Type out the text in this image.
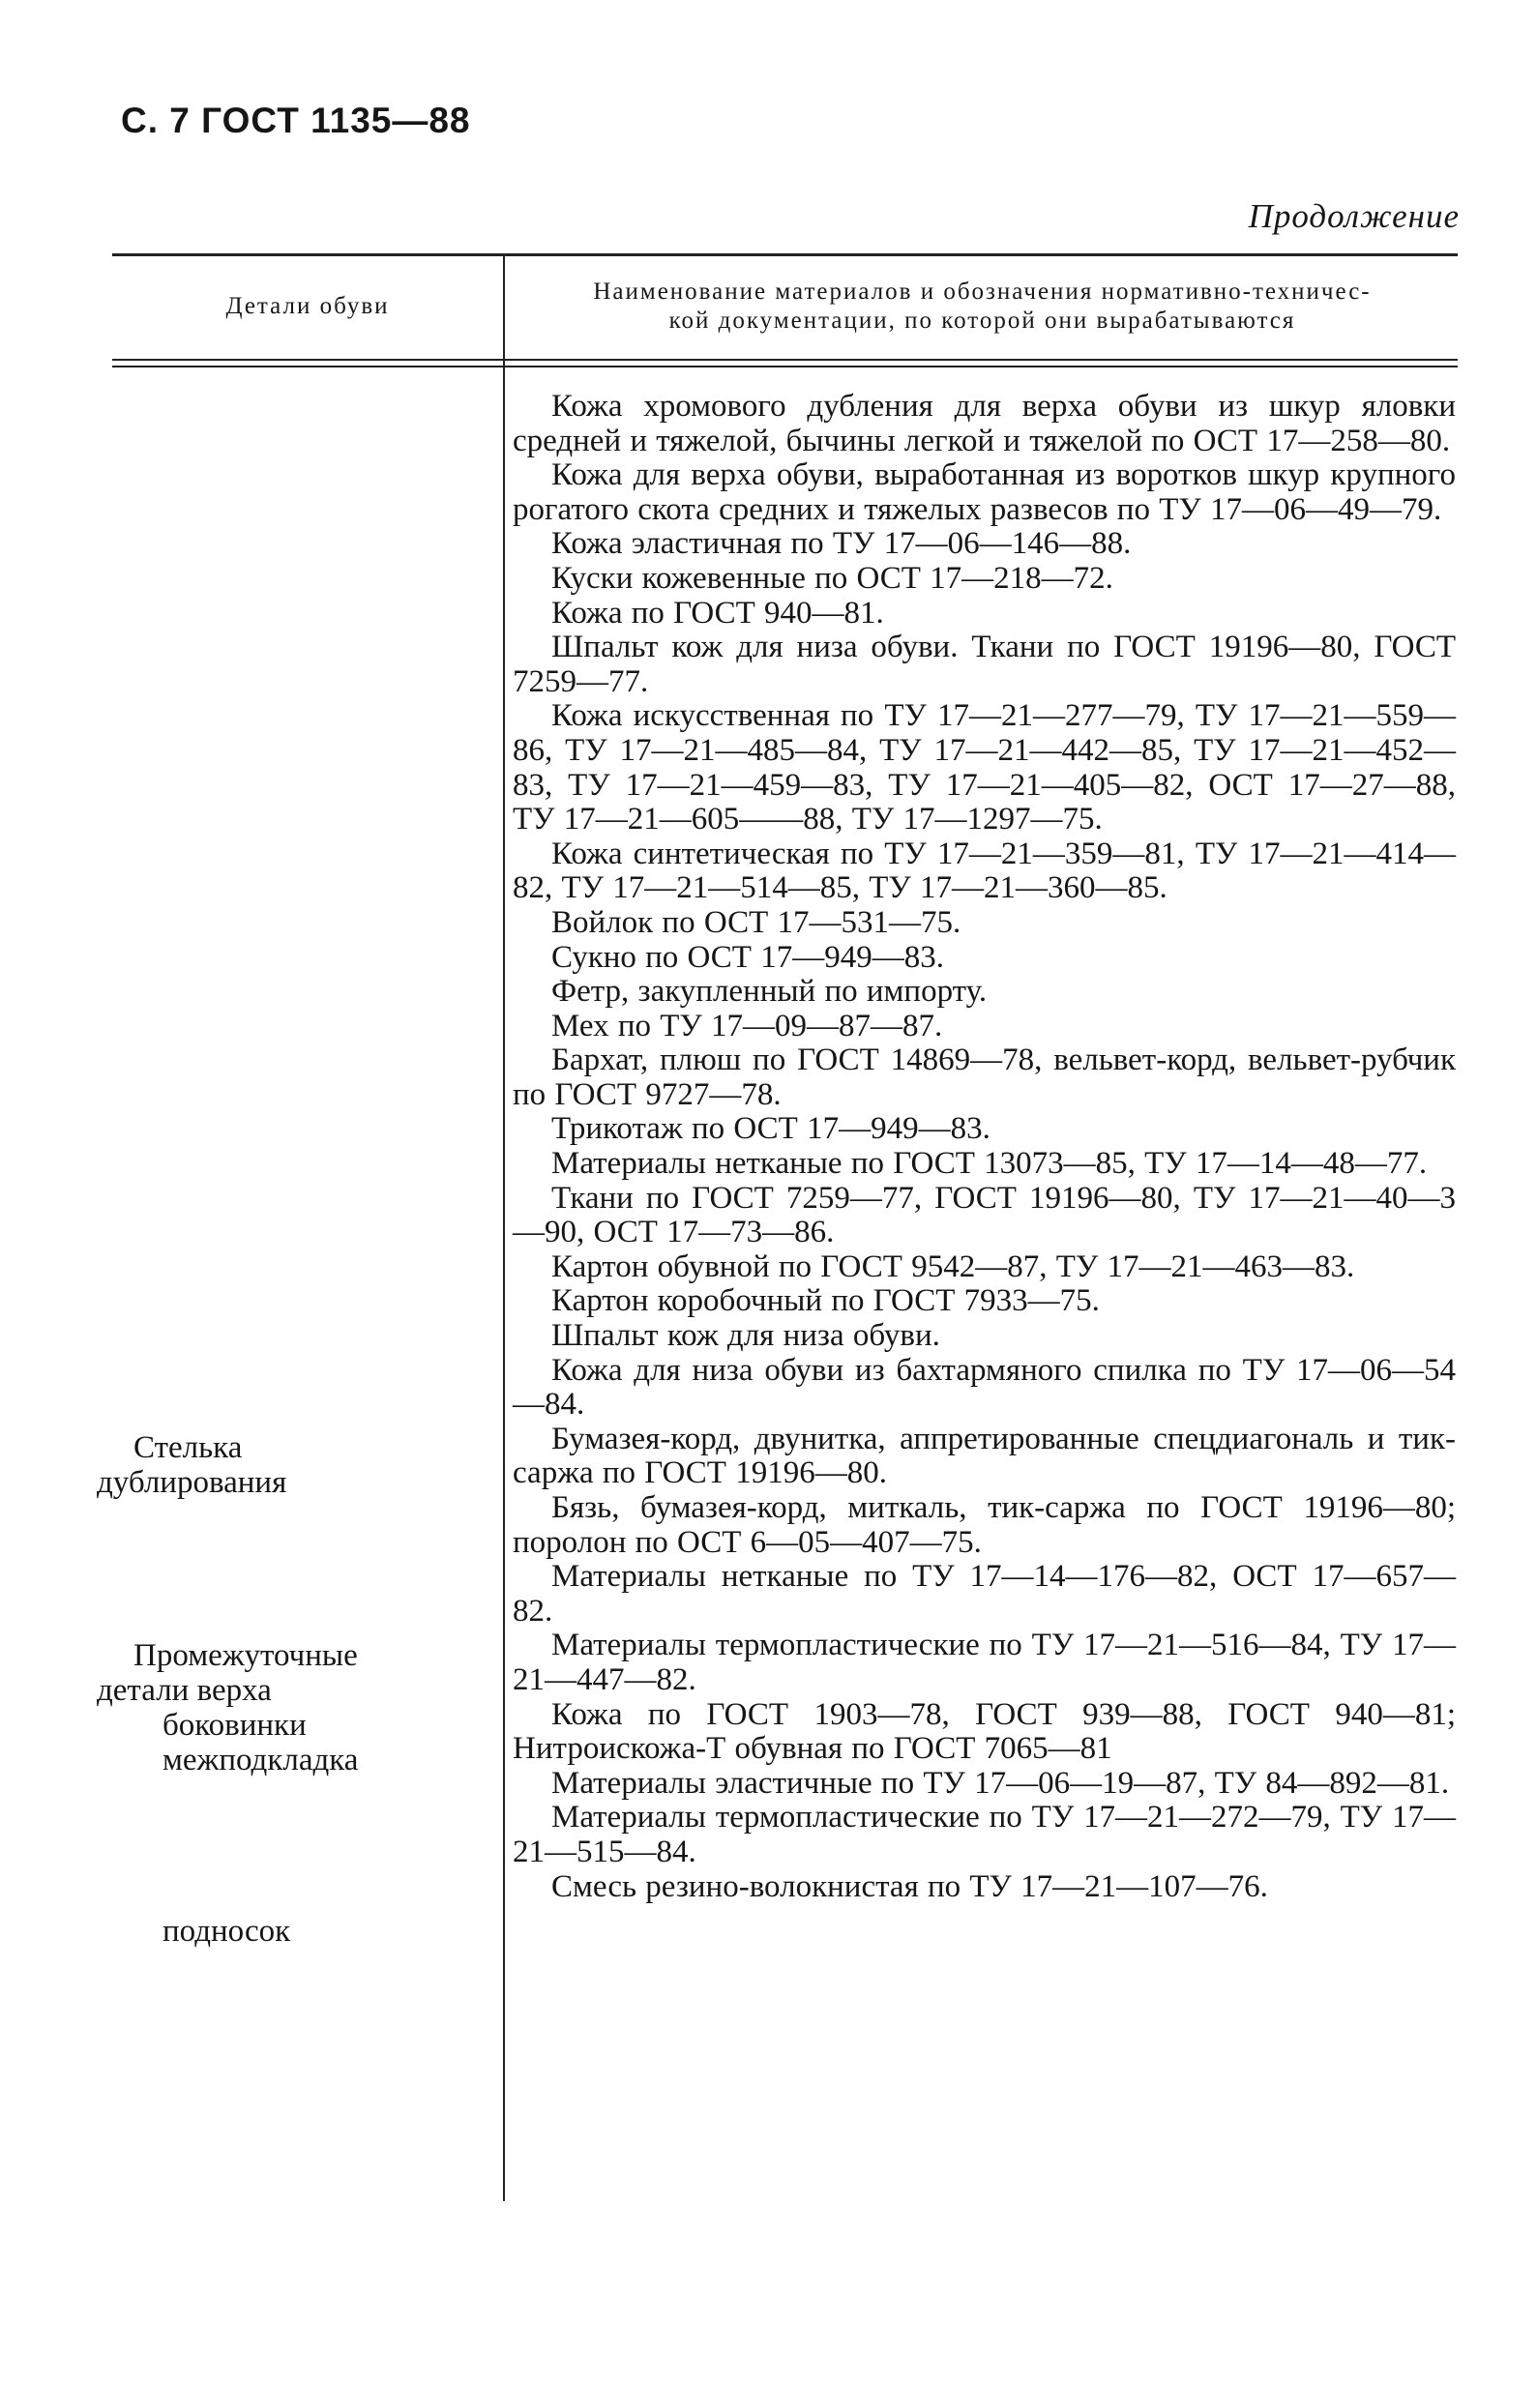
С. 7 ГОСТ 1135—88
Продолжение
Детали обуви
Наименование материалов и обозначения нормативно-техничес-
кой документации, по которой они вырабатываются
Стелька
дублирования
Промежуточные
детали верха
боковинки
межподкладка
подносок

Кожа хромового дубления для верха обуви из шкур яловки средней и тяжелой, бычины легкой и тяжелой по ОСТ 17—258—80.

Кожа для верха обуви, выработанная из воротков шкур крупного рогатого скота средних и тяжелых развесов по ТУ 17—06—49—79.

Кожа эластичная по ТУ 17—06—146—88.

Куски кожевенные по ОСТ 17—218—72.

Кожа по ГОСТ 940—81.

Шпальт кож для низа обуви. Ткани по ГОСТ 19196—80, ГОСТ 7259—77.

Кожа искусственная по ТУ 17—21—277—79, ТУ 17—21—559—86, ТУ 17—21—485—84, ТУ 17—21—442—85, ТУ 17—21—452—83, ТУ 17—21—459—83, ТУ 17—21—405—82, ОСТ 17—27—88, ТУ 17—21—605——88, ТУ 17—1297—75.

Кожа синтетическая по ТУ 17—21—359—81, ТУ 17—21—414—82, ТУ 17—21—514—85, ТУ 17—21—360—85.

Войлок по ОСТ 17—531—75.

Сукно по ОСТ 17—949—83.

Фетр, закупленный по импорту.

Мех по ТУ 17—09—87—87.

Бархат, плюш по ГОСТ 14869—78, вельвет-корд, вельвет-рубчик по ГОСТ 9727—78.

Трикотаж по ОСТ 17—949—83.

Материалы нетканые по ГОСТ 13073—85, ТУ 17—14—48—77.

Ткани по ГОСТ 7259—77, ГОСТ 19196—80, ТУ 17—21—40—3—90, ОСТ 17—73—86.

Картон обувной по ГОСТ 9542—87, ТУ 17—21—463—83.

Картон коробочный по ГОСТ 7933—75.

Шпальт кож для низа обуви.

Кожа для низа обуви из бахтармяного спилка по ТУ 17—06—54—84.

Бумазея-корд, двунитка, аппретированные спецдиагональ и тик-саржа по ГОСТ 19196—80.

Бязь, бумазея-корд, миткаль, тик-саржа по ГОСТ 19196—80; поролон по ОСТ 6—05—407—75.

Материалы нетканые по ТУ 17—14—176—82, ОСТ 17—657—82.

Материалы термопластические по ТУ 17—21—516—84, ТУ 17—21—447—82.

Кожа по ГОСТ 1903—78, ГОСТ 939—88, ГОСТ 940—81; Нитроискожа-Т обувная по ГОСТ 7065—81

Материалы эластичные по ТУ 17—06—19—87, ТУ 84—892—81.

Материалы термопластические по ТУ 17—21—272—79, ТУ 17—21—515—84.

Смесь резино-волокнистая по ТУ 17—21—107—76.
